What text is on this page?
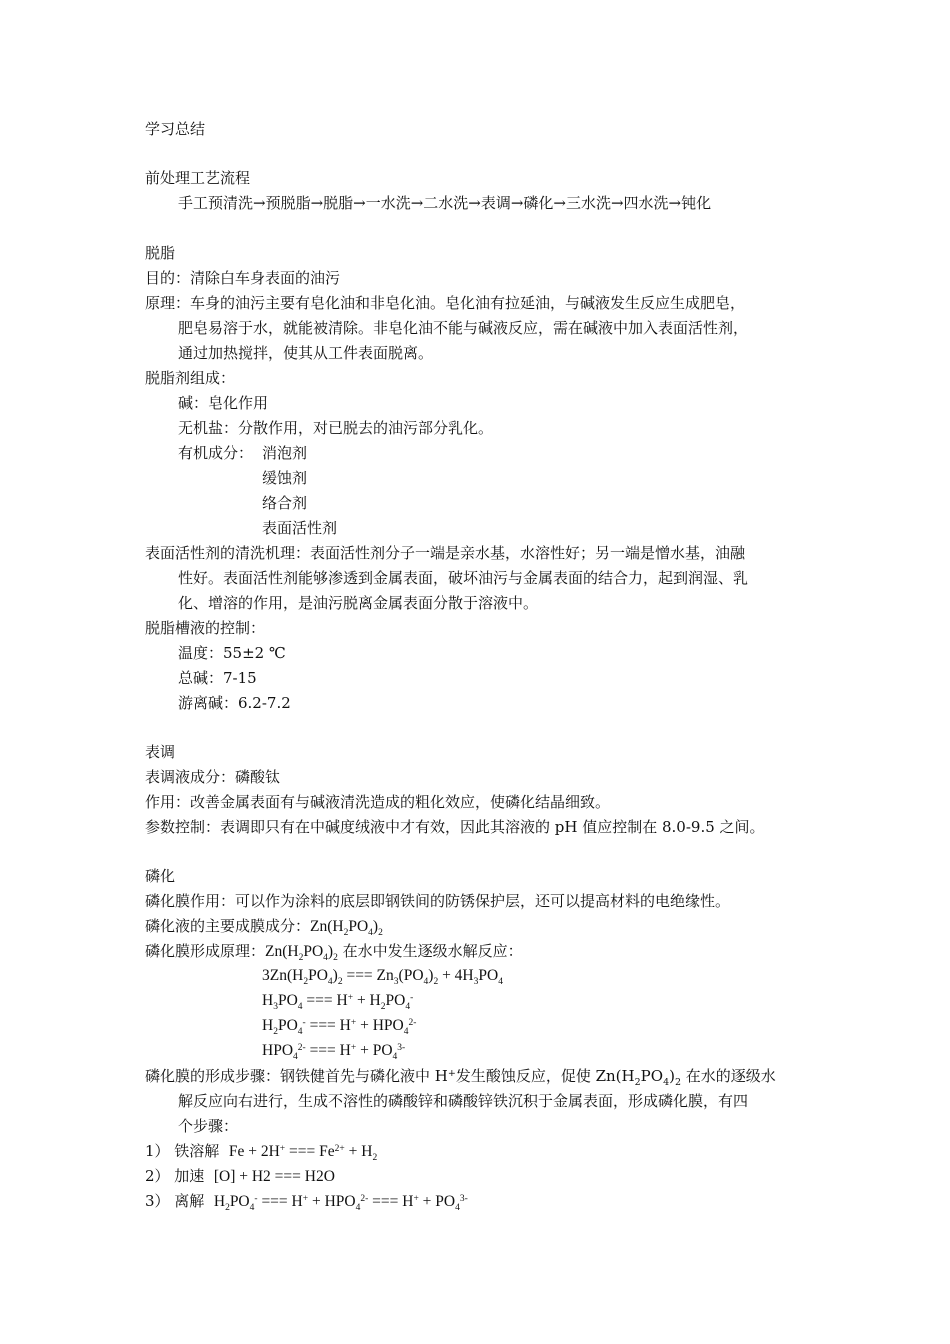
学习总结
前处理工艺流程
手工预清洗→预脱脂→脱脂→一水洗→二水洗→表调→磷化→三水洗→四水洗→钝化
脱脂
目的：清除白车身表面的油污
原理：车身的油污主要有皂化油和非皂化油。皂化油有拉延油，与碱液发生反应生成肥皂，
肥皂易溶于水，就能被清除。非皂化油不能与碱液反应，需在碱液中加入表面活性剂，
通过加热搅拌，使其从工件表面脱离。
脱脂剂组成：
碱：皂化作用
无机盐：分散作用，对已脱去的油污部分乳化。
有机成分： 消泡剂
缓蚀剂
络合剂
表面活性剂
表面活性剂的清洗机理：表面活性剂分子一端是亲水基，水溶性好；另一端是憎水基，油融
性好。表面活性剂能够渗透到金属表面，破坏油污与金属表面的结合力，起到润湿、乳
化、增溶的作用，是油污脱离金属表面分散于溶液中。
脱脂槽液的控制：
温度：55±2 ℃
总碱：7-15
游离碱：6.2-7.2
表调
表调液成分：磷酸钛
作用：改善金属表面有与碱液清洗造成的粗化效应，使磷化结晶细致。
参数控制：表调即只有在中碱度绒液中才有效，因此其溶液的 pH 值应控制在 8.0-9.5 之间。
磷化
磷化膜作用：可以作为涂料的底层即钢铁间的防锈保护层，还可以提高材料的电绝缘性。
磷化液的主要成膜成分：$Zn(H_2PO_4)_2$
磷化膜形成原理：$Zn(H_2PO_4)_2$ 在水中发生逐级水解反应：
$3Zn(H_2PO_4)_2$ === $Zn_3(PO_4)_2 + 4H_3PO_4$
$H_3PO_4$ === $H^+ + H_2PO_4^-$
$H_2PO_4^-$ === $H^+ + HPO_4^{2-}$
$HPO_4^{2-}$ === $H^+ + PO_4^{3-}$
磷化膜的形成步骤：钢铁健首先与磷化液中 H+发生酸蚀反应，促使 $Zn(H_2PO_4)_2$ 在水的逐级水
解反应向右进行，生成不溶性的磷酸锌和磷酸锌铁沉积于金属表面，形成磷化膜，有四
个步骤：
1） 铁溶解 Fe + 2H+ === $Fe^{2+} + H_2$
2） 加速 [O] + H2 === H2O
3） 离解 $H_2PO_4^-$ === $H^+ + HPO_4^{2-}$ === $H^+ + PO_4^{3-}$
